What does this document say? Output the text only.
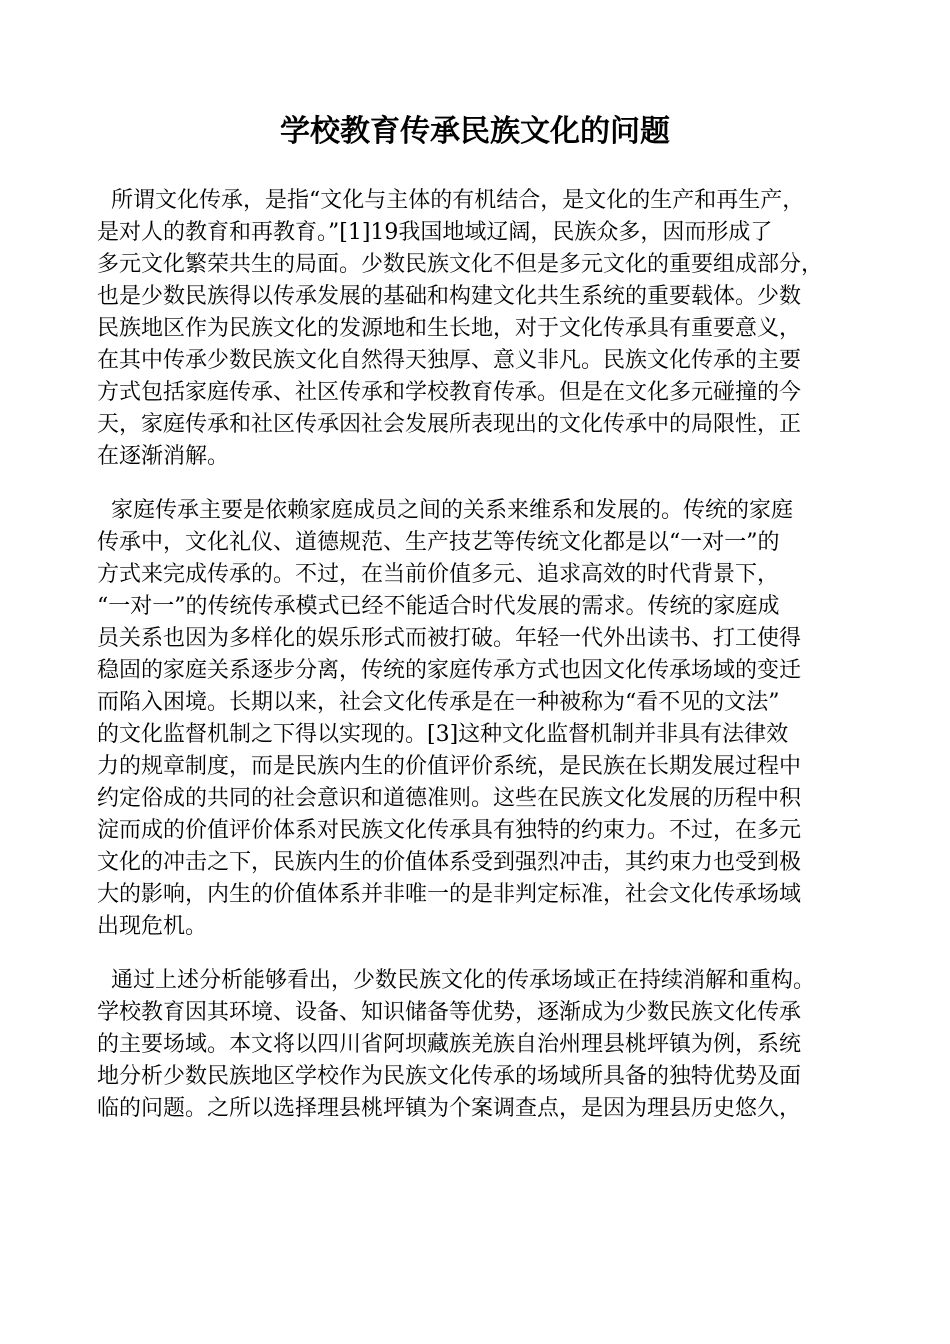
学校教育传承民族文化的问题

所谓文化传承，是指“文化与主体的有机结合，是文化的生产和再生产，
是对人的教育和再教育。”[1]19我国地域辽阔，民族众多，因而形成了
多元文化繁荣共生的局面。少数民族文化不但是多元文化的重要组成部分，
也是少数民族得以传承发展的基础和构建文化共生系统的重要载体。少数
民族地区作为民族文化的发源地和生长地，对于文化传承具有重要意义，
在其中传承少数民族文化自然得天独厚、意义非凡。民族文化传承的主要
方式包括家庭传承、社区传承和学校教育传承。但是在文化多元碰撞的今
天，家庭传承和社区传承因社会发展所表现出的文化传承中的局限性，正
在逐渐消解。

家庭传承主要是依赖家庭成员之间的关系来维系和发展的。传统的家庭
传承中，文化礼仪、道德规范、生产技艺等传统文化都是以“一对一”的
方式来完成传承的。不过，在当前价值多元、追求高效的时代背景下，
“一对一”的传统传承模式已经不能适合时代发展的需求。传统的家庭成
员关系也因为多样化的娱乐形式而被打破。年轻一代外出读书、打工使得
稳固的家庭关系逐步分离，传统的家庭传承方式也因文化传承场域的变迁
而陷入困境。长期以来，社会文化传承是在一种被称为“看不见的文法”
的文化监督机制之下得以实现的。[3]这种文化监督机制并非具有法律效
力的规章制度，而是民族内生的价值评价系统，是民族在长期发展过程中
约定俗成的共同的社会意识和道德准则。这些在民族文化发展的历程中积
淀而成的价值评价体系对民族文化传承具有独特的约束力。不过，在多元
文化的冲击之下，民族内生的价值体系受到强烈冲击，其约束力也受到极
大的影响，内生的价值体系并非唯一的是非判定标准，社会文化传承场域
出现危机。

通过上述分析能够看出，少数民族文化的传承场域正在持续消解和重构。
学校教育因其环境、设备、知识储备等优势，逐渐成为少数民族文化传承
的主要场域。本文将以四川省阿坝藏族羌族自治州理县桃坪镇为例，系统
地分析少数民族地区学校作为民族文化传承的场域所具备的独特优势及面
临的问题。之所以选择理县桃坪镇为个案调查点，是因为理县历史悠久，
